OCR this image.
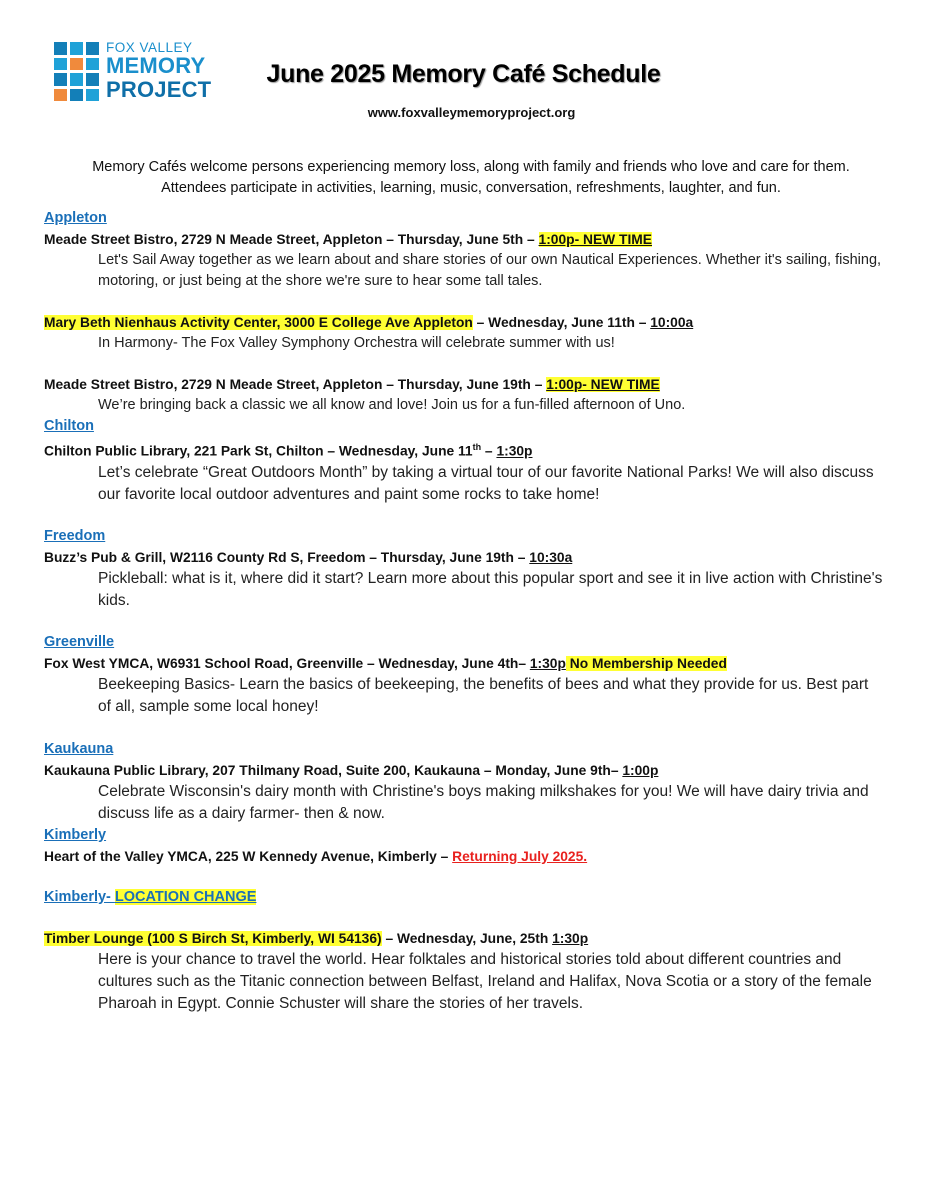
FOX VALLEY
MEMORY
PROJECT
June 2025 Memory Café Schedule
www.foxvalleymemoryproject.org
Memory Cafés welcome persons experiencing memory loss, along with family and friends who love and care for them. Attendees participate in activities, learning, music, conversation, refreshments, laughter, and fun.
Appleton
Meade Street Bistro, 2729 N Meade Street, Appleton – Thursday, June 5th – 1:00p- NEW TIME
Let's Sail Away together as we learn about and share stories of our own Nautical Experiences. Whether it's sailing, fishing, motoring, or just being at the shore we're sure to hear some tall tales.
Mary Beth Nienhaus Activity Center, 3000 E College Ave Appleton – Wednesday, June 11th – 10:00a
In Harmony- The Fox Valley Symphony Orchestra will celebrate summer with us!
Meade Street Bistro, 2729 N Meade Street, Appleton – Thursday, June 19th – 1:00p- NEW TIME
We’re bringing back a classic we all know and love! Join us for a fun-filled afternoon of Uno.
Chilton
Chilton Public Library, 221 Park St, Chilton – Wednesday, June 11th – 1:30p
Let’s celebrate “Great Outdoors Month” by taking a virtual tour of our favorite National Parks! We will also discuss our favorite local outdoor adventures and paint some rocks to take home!
Freedom
Buzz’s Pub & Grill, W2116 County Rd S, Freedom – Thursday, June 19th – 10:30a
Pickleball: what is it, where did it start? Learn more about this popular sport and see it in live action with Christine's kids.
Greenville
Fox West YMCA, W6931 School Road, Greenville – Wednesday, June 4th– 1:30p No Membership Needed
Beekeeping Basics- Learn the basics of beekeeping, the benefits of bees and what they provide for us. Best part of all, sample some local honey!
Kaukauna
Kaukauna Public Library, 207 Thilmany Road, Suite 200, Kaukauna – Monday, June 9th– 1:00p
Celebrate Wisconsin's dairy month with Christine's boys making milkshakes for you! We will have dairy trivia and discuss life as a dairy farmer- then & now.
Kimberly
Heart of the Valley YMCA, 225 W Kennedy Avenue, Kimberly – Returning July 2025.
Kimberly- LOCATION CHANGE
Timber Lounge (100 S Birch St, Kimberly, WI 54136) – Wednesday, June, 25th 1:30p
Here is your chance to travel the world. Hear folktales and historical stories told about different countries and cultures such as the Titanic connection between Belfast, Ireland and Halifax, Nova Scotia or a story of the female Pharoah in Egypt. Connie Schuster will share the stories of her travels.
